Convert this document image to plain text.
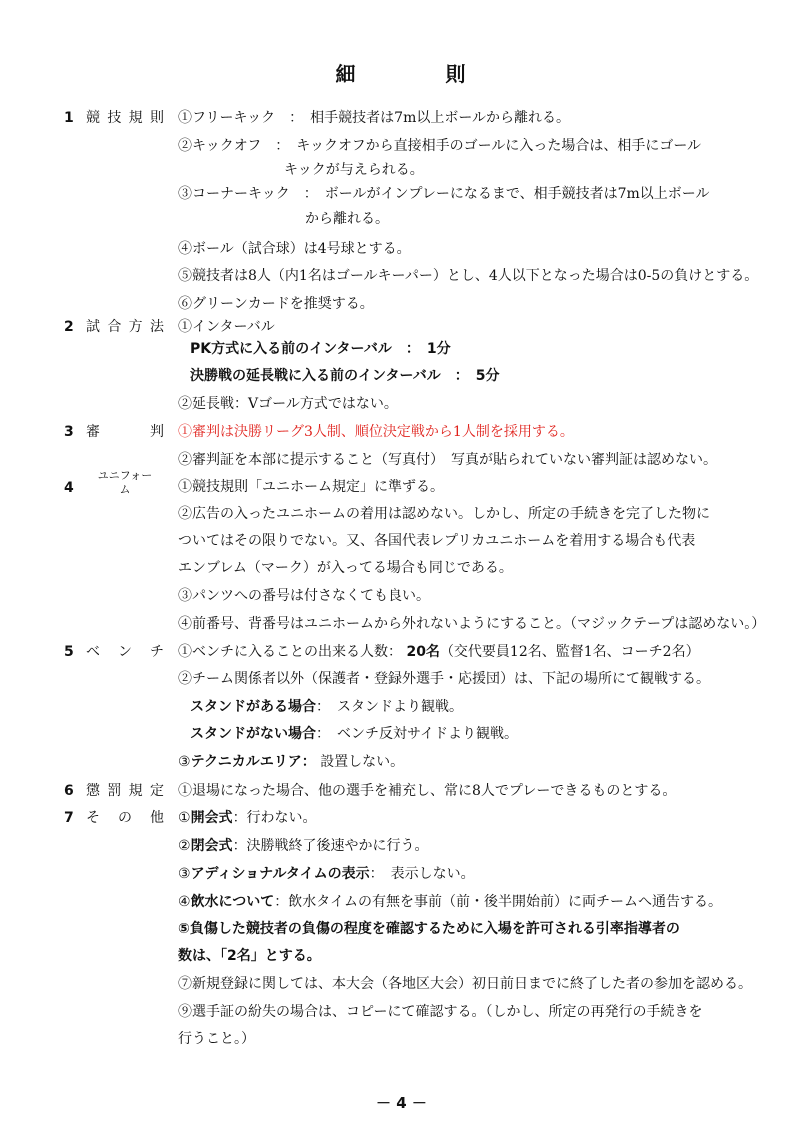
細	則
1 競 技 規 則 ①フリーキック　：　相手競技者は7m以上ボールから離れる。
②キックオフ　：　キックオフから直接相手のゴールに入った場合は、相手にゴール
キックが与えられる。
③コーナーキック　：　ボールがインプレーになるまで、相手競技者は7m以上ボール
から離れる。
④ボール（試合球）は4号球とする。
⑤競技者は8人（内1名はゴールキーパー）とし、4人以下となった場合は0-5の負けとする。
⑥グリーンカードを推奨する。
2 試 合 方 法 ①インターバル
PK方式に入る前のインターバル　：　1分
決勝戦の延長戦に入る前のインターバル　：　5分
②延長戦：Vゴール方式ではない。
3 審	判 ①審判は決勝リーグ3人制、順位決定戦から1人制を採用する。
②審判証を本部に提示すること（写真付）　写真が貼られていない審判証は認めない。
4
ユニフォー
ム	①競技規則「ユニホーム規定」に準ずる。
②広告の入ったユニホームの着用は認めない。しかし、所定の手続きを完了した物に
ついてはその限りでない。又、各国代表レプリカユニホームを着用する場合も代表
エンブレム（マーク）が入ってる場合も同じである。
③パンツへの番号は付さなくても良い。
④前番号、背番号はユニホームから外れないようにすること。（マジックテープは認めない。）
5 ベ ン チ ①ベンチに入ることの出来る人数： 20名（交代要員12名、監督1名、コーチ2名）
②チーム関係者以外（保護者・登録外選手・応援団）は、下記の場所にて観戦する。
スタンドがある場合：　スタンドより観戦。
スタンドがない場合：　ベンチ反対サイドより観戦。
③テクニカルエリア： 設置しない。
6 懲 罰 規 定 ①退場になった場合、他の選手を補充し、常に8人でプレーできるものとする。
7 そ の 他 ①開会式：行わない。
②閉会式：決勝戦終了後速やかに行う。
③アディショナルタイムの表示：　表示しない。
④飲水について：飲水タイムの有無を事前（前・後半開始前）に両チームへ通告する。
⑤負傷した競技者の負傷の程度を確認するために入場を許可される引率指導者の
数は、「2名」とする。
⑦新規登録に関しては、本大会（各地区大会）初日前日までに終了した者の参加を認める。
⑨選手証の紛失の場合は、コピーにて確認する。（しかし、所定の再発行の手続きを
行うこと。）
－ 4 －
